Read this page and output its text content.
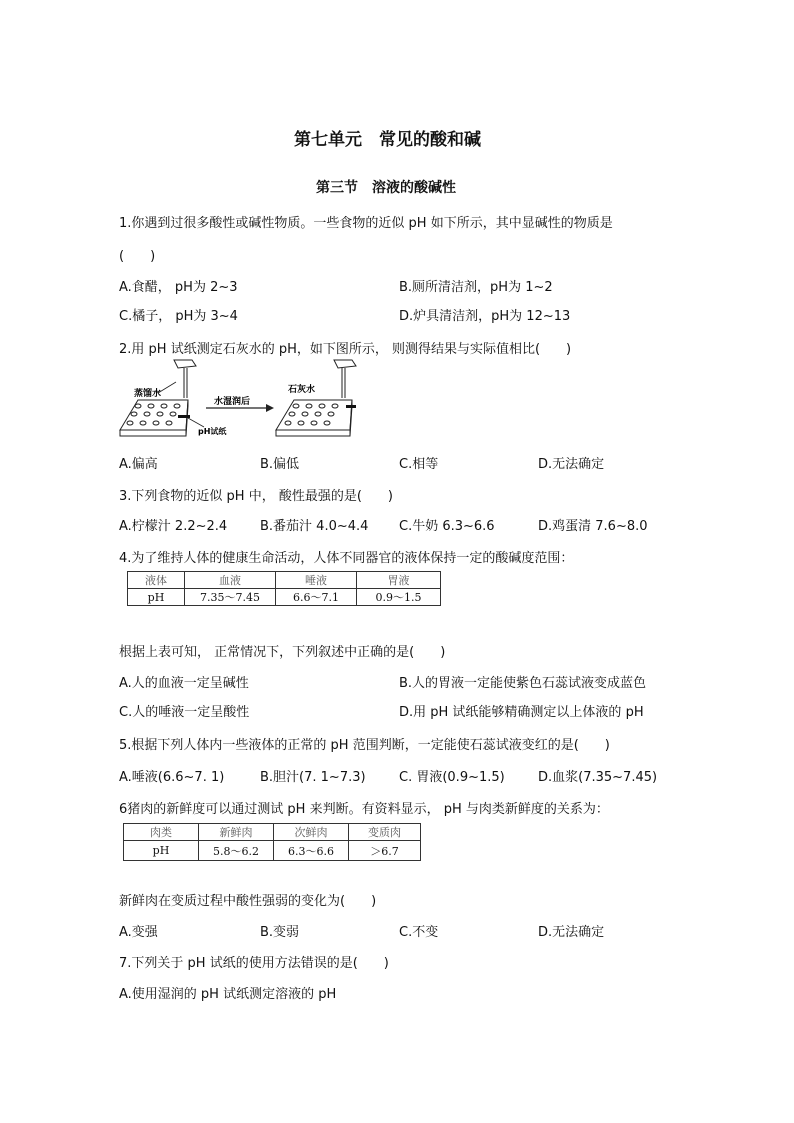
第七单元　常见的酸和碱
第三节　溶液的酸碱性
1.你遇到过很多酸性或碱性物质。一些食物的近似 pH 如下所示，其中显碱性的物质是
(　　)
A.食醋， pH为 2~3	B.厕所清洁剂，pH为 1~2
C.橘子， pH为 3~4	D.炉具清洁剂，pH为 12~13
2.用 pH 试纸测定石灰水的 pH，如下图所示， 则测得结果与实际值相比(　　)
蒸馏水
水湿润后
pH试纸
石灰水
A.偏高	B.偏低	C.相等	D.无法确定
3.下列食物的近似 pH 中， 酸性最强的是(　　)
A.柠檬汁 2.2~2.4	B.番茄汁 4.0~4.4 C.牛奶 6.3~6.6	D.鸡蛋清 7.6~8.0
4.为了维持人体的健康生命活动，人体不同器官的液体保持一定的酸碱度范围：
液体	血液	唾液	胃液
pH	7.35～7.45	6.6～7.1	0.9～1.5
根据上表可知， 正常情况下，下列叙述中正确的是(　　)
A.人的血液一定呈碱性	B.人的胃液一定能使紫色石蕊试液变成蓝色
C.人的唾液一定呈酸性	D.用 pH 试纸能够精确测定以上体液的 pH
5.根据下列人体内一些液体的正常的 pH 范围判断，一定能使石蕊试液变红的是(　　)
A.唾液(6.6~7. 1)	B.胆汁(7. 1~7.3)	C. 胃液(0.9~1.5)	D.血浆(7.35~7.45)
6猪肉的新鲜度可以通过测试 pH 来判断。有资料显示， pH 与肉类新鲜度的关系为：
肉类	新鲜肉	次鲜肉	变质肉
pH	5.8～6.2	6.3～6.6	＞6.7
新鲜肉在变质过程中酸性强弱的变化为(　　)
A.变强	B.变弱	C.不变	D.无法确定
7.下列关于 pH 试纸的使用方法错误的是(　　)
A.使用湿润的 pH 试纸测定溶液的 pH
